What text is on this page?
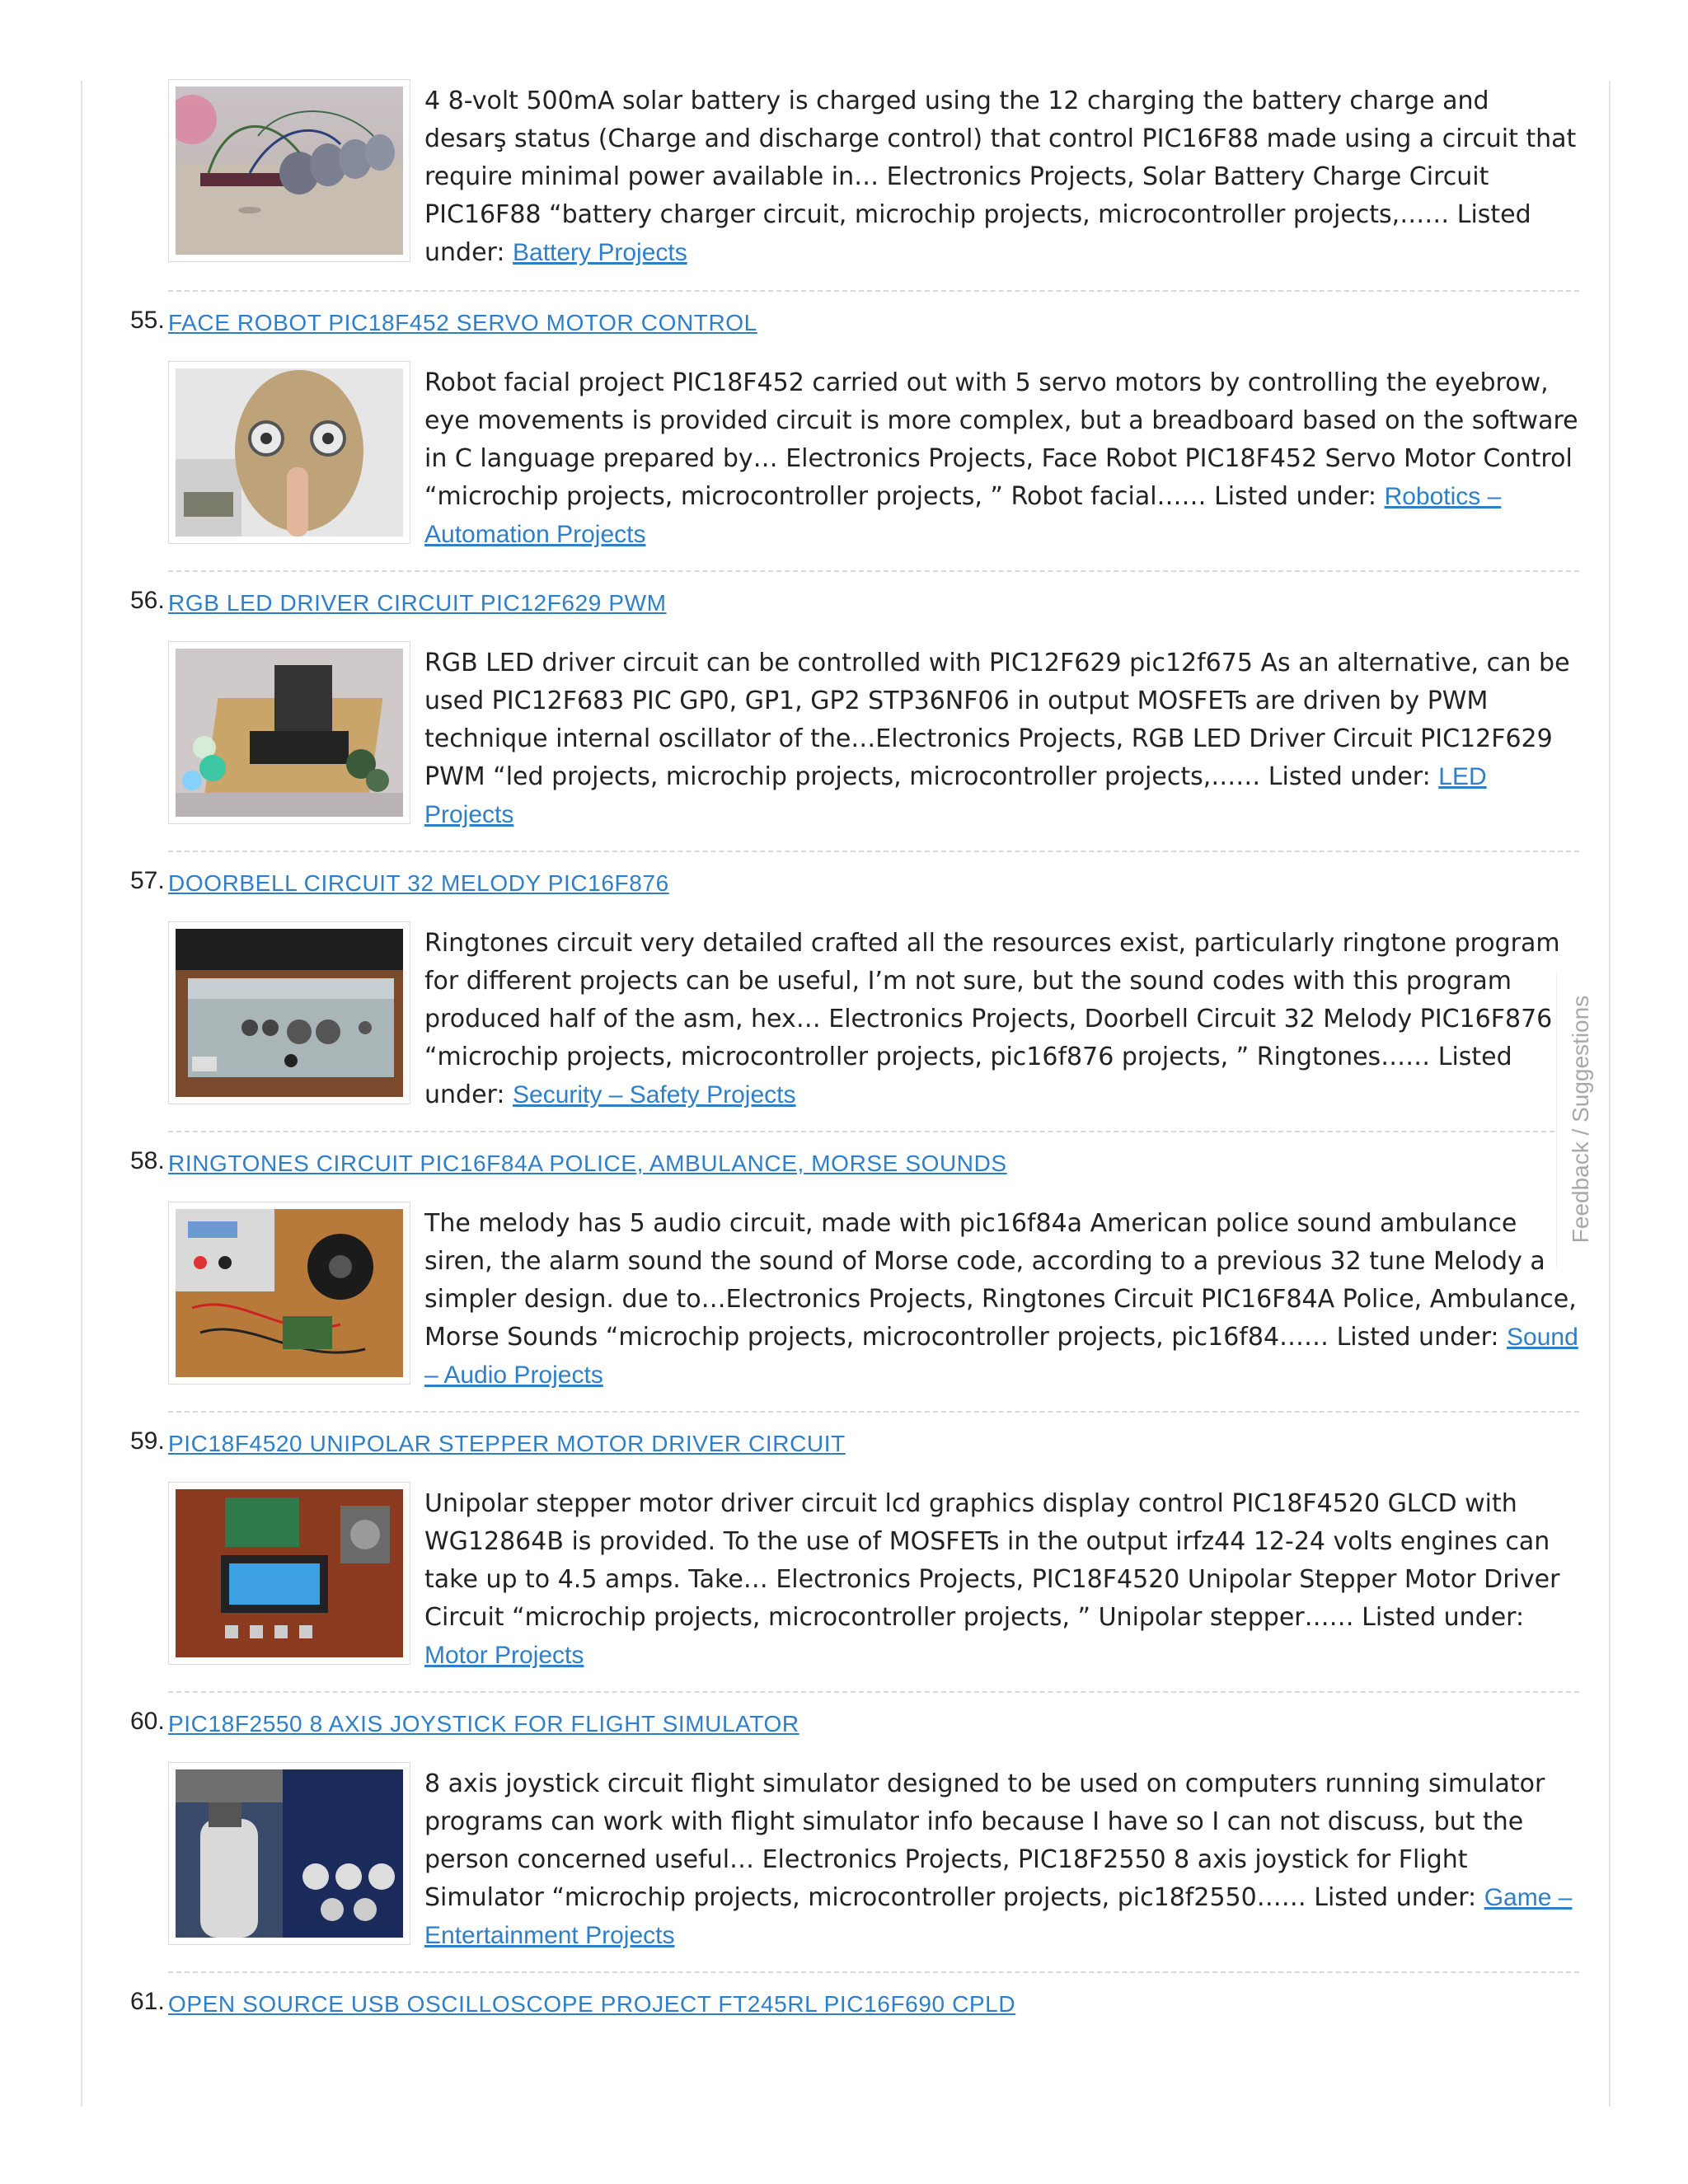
4 8-volt 500mA solar battery is charged using the 12 charging the battery charge and desarş status (Charge and discharge control) that control PIC16F88 made using a circuit that require minimal power available in… Electronics Projects, Solar Battery Charge Circuit PIC16F88 “battery charger circuit, microchip projects, microcontroller projects,…… Listed under: Battery Projects
55. FACE ROBOT PIC18F452 SERVO MOTOR CONTROL
Robot facial project PIC18F452 carried out with 5 servo motors by controlling the eyebrow, eye movements is provided circuit is more complex, but a breadboard based on the software in C language prepared by… Electronics Projects, Face Robot PIC18F452 Servo Motor Control “microchip projects, microcontroller projects, ” Robot facial…… Listed under: Robotics – Automation Projects
56. RGB LED DRIVER CIRCUIT PIC12F629 PWM
RGB LED driver circuit can be controlled with PIC12F629 pic12f675 As an alternative, can be used PIC12F683 PIC GP0, GP1, GP2 STP36NF06 in output MOSFETs are driven by PWM technique internal oscillator of the…Electronics Projects, RGB LED Driver Circuit PIC12F629 PWM “led projects, microchip projects, microcontroller projects,…… Listed under: LED Projects
57. DOORBELL CIRCUIT 32 MELODY PIC16F876
Ringtones circuit very detailed crafted all the resources exist, particularly ringtone program for different projects can be useful, I’m not sure, but the sound codes with this program produced half of the asm, hex… Electronics Projects, Doorbell Circuit 32 Melody PIC16F876 “microchip projects, microcontroller projects, pic16f876 projects, ” Ringtones…… Listed under: Security – Safety Projects
58. RINGTONES CIRCUIT PIC16F84A POLICE, AMBULANCE, MORSE SOUNDS
The melody has 5 audio circuit, made with pic16f84a American police sound ambulance siren, the alarm sound the sound of Morse code, according to a previous 32 tune Melody a simpler design. due to…Electronics Projects, Ringtones Circuit PIC16F84A Police, Ambulance, Morse Sounds “microchip projects, microcontroller projects, pic16f84…… Listed under: Sound – Audio Projects
59. PIC18F4520 UNIPOLAR STEPPER MOTOR DRIVER CIRCUIT
Unipolar stepper motor driver circuit lcd graphics display control PIC18F4520 GLCD with WG12864B is provided. To the use of MOSFETs in the output irfz44 12-24 volts engines can take up to 4.5 amps. Take… Electronics Projects, PIC18F4520 Unipolar Stepper Motor Driver Circuit “microchip projects, microcontroller projects, ” Unipolar stepper…… Listed under: Motor Projects
60. PIC18F2550 8 AXIS JOYSTICK FOR FLIGHT SIMULATOR
8 axis joystick circuit flight simulator designed to be used on computers running simulator programs can work with flight simulator info because I have so I can not discuss, but the person concerned useful… Electronics Projects, PIC18F2550 8 axis joystick for Flight Simulator “microchip projects, microcontroller projects, pic18f2550…… Listed under: Game – Entertainment Projects
61. OPEN SOURCE USB OSCILLOSCOPE PROJECT FT245RL PIC16F690 CPLD
Feedback / Suggestions
